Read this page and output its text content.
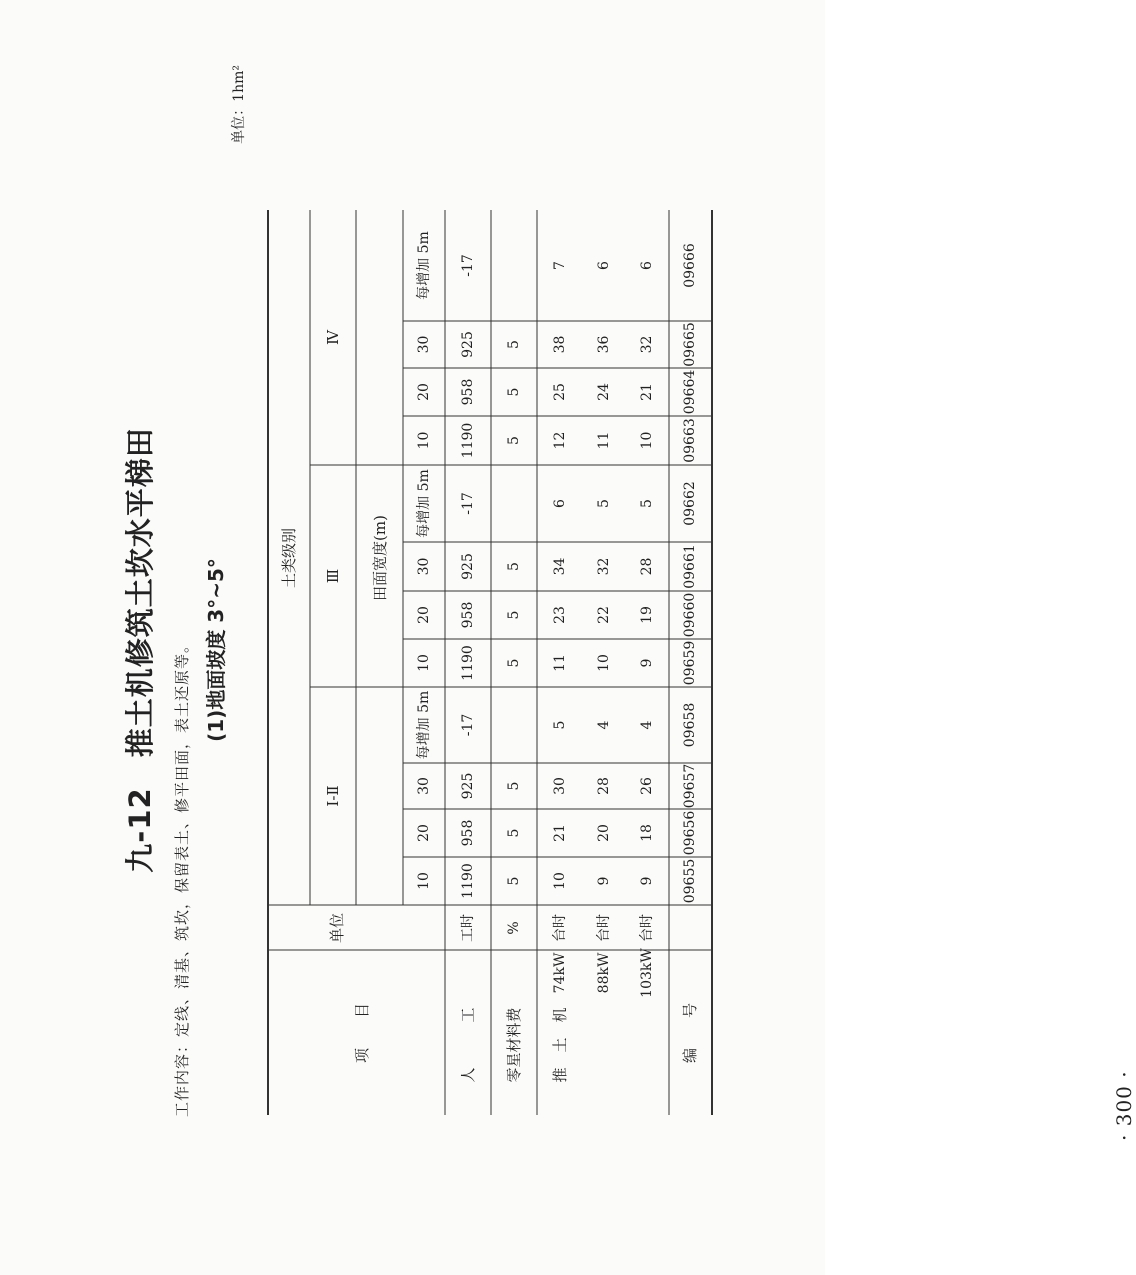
· 300 ·
九-12　推土机修筑土坎水平梯田 工作内容：定线、清基、筑坎，保留表土、修平田面，表土还原等。 (1)地面坡度 3°~5°
单位：1hm²
项　　目
单位
土类级别
Ⅰ-Ⅱ
Ⅲ
Ⅳ
田面宽度(m)
10
20
30
每增加 5m
10
20
30
每增加 5m
10
20
30
每增加 5m
人　　　工
工时
1190
958
925
-17
1190
958
925
-17
1190
958
925
-17
零星材料费
%
5
5
5
5
5
5
5
5
5
推　土　机
74kW
台时
10
21
30
5
11
23
34
6
12
25
38
7
88kW
台时
9
20
28
4
10
22
32
5
11
24
36
6
103kW
台时
9
18
26
4
9
19
28
5
10
21
32
6
编　　号
09655
09656
09657
09658
09659
09660
09661
09662
09663
09664
09665
09666
